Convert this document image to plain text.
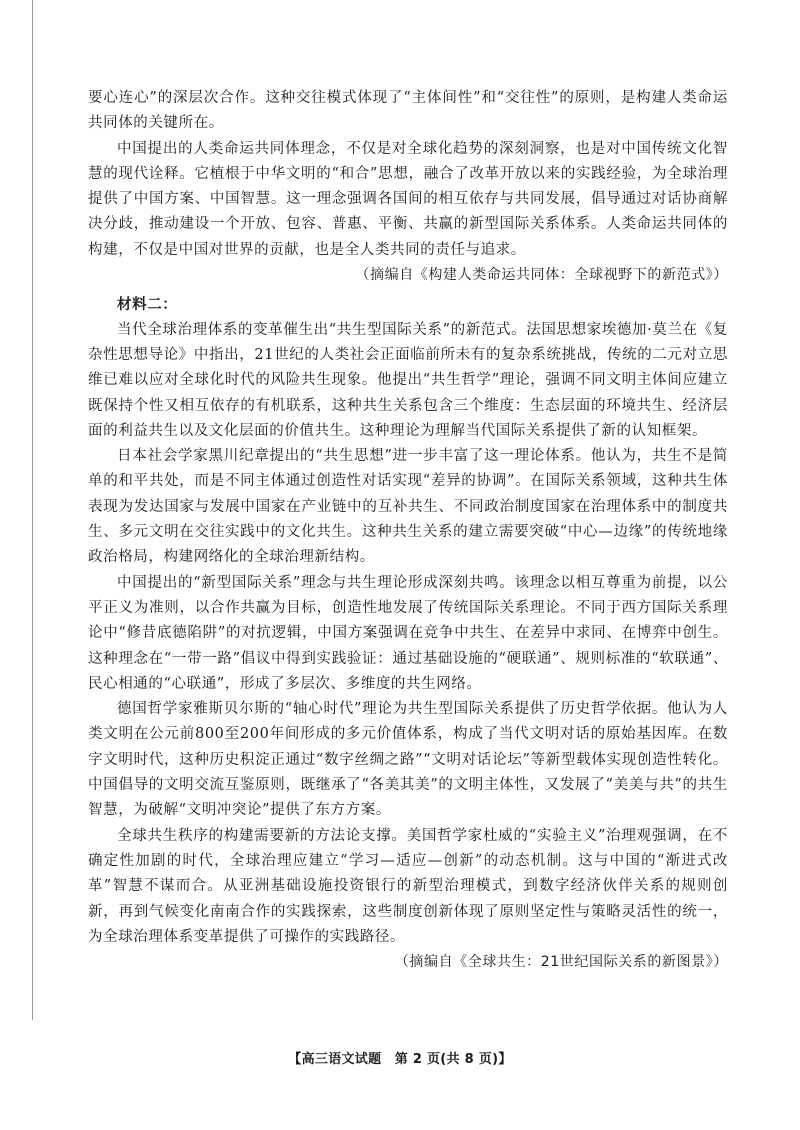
要心连心”的深层次合作。这种交往模式体现了“主体间性”和“交往性”的原则，是构建人类命运共同体的关键所在。

中国提出的人类命运共同体理念，不仅是对全球化趋势的深刻洞察，也是对中国传统文化智慧的现代诠释。它植根于中华文明的“和合”思想，融合了改革开放以来的实践经验，为全球治理提供了中国方案、中国智慧。这一理念强调各国间的相互依存与共同发展，倡导通过对话协商解决分歧，推动建设一个开放、包容、普惠、平衡、共赢的新型国际关系体系。人类命运共同体的构建，不仅是中国对世界的贡献，也是全人类共同的责任与追求。

（摘编自《构建人类命运共同体：全球视野下的新范式》）

材料二：

当代全球治理体系的变革催生出“共生型国际关系”的新范式。法国思想家埃德加·莫兰在《复杂性思想导论》中指出，21世纪的人类社会正面临前所未有的复杂系统挑战，传统的二元对立思维已难以应对全球化时代的风险共生现象。他提出“共生哲学”理论，强调不同文明主体间应建立既保持个性又相互依存的有机联系，这种共生关系包含三个维度：生态层面的环境共生、经济层面的利益共生以及文化层面的价值共生。这种理论为理解当代国际关系提供了新的认知框架。

日本社会学家黑川纪章提出的“共生思想”进一步丰富了这一理论体系。他认为，共生不是简单的和平共处，而是不同主体通过创造性对话实现“差异的协调”。在国际关系领域，这种共生体表现为发达国家与发展中国家在产业链中的互补共生、不同政治制度国家在治理体系中的制度共生、多元文明在交往实践中的文化共生。这种共生关系的建立需要突破“中心—边缘”的传统地缘政治格局，构建网络化的全球治理新结构。

中国提出的“新型国际关系”理念与共生理论形成深刻共鸣。该理念以相互尊重为前提，以公平正义为准则，以合作共赢为目标，创造性地发展了传统国际关系理论。不同于西方国际关系理论中“修昔底德陷阱”的对抗逻辑，中国方案强调在竞争中共生、在差异中求同、在博弈中创生。这种理念在“一带一路”倡议中得到实践验证：通过基础设施的“硬联通”、规则标准的“软联通”、民心相通的“心联通”，形成了多层次、多维度的共生网络。

德国哲学家雅斯贝尔斯的“轴心时代”理论为共生型国际关系提供了历史哲学依据。他认为人类文明在公元前800至200年间形成的多元价值体系，构成了当代文明对话的原始基因库。在数字文明时代，这种历史积淀正通过“数字丝绸之路”“文明对话论坛”等新型载体实现创造性转化。中国倡导的文明交流互鉴原则，既继承了“各美其美”的文明主体性，又发展了“美美与共”的共生智慧，为破解“文明冲突论”提供了东方方案。

全球共生秩序的构建需要新的方法论支撑。美国哲学家杜威的“实验主义”治理观强调，在不确定性加剧的时代，全球治理应建立“学习—适应—创新”的动态机制。这与中国的“渐进式改革”智慧不谋而合。从亚洲基础设施投资银行的新型治理模式，到数字经济伙伴关系的规则创新，再到气候变化南南合作的实践探索，这些制度创新体现了原则坚定性与策略灵活性的统一，为全球治理体系变革提供了可操作的实践路径。

（摘编自《全球共生：21世纪国际关系的新图景》）

【高三语文试题　第 2 页(共 8 页)】
